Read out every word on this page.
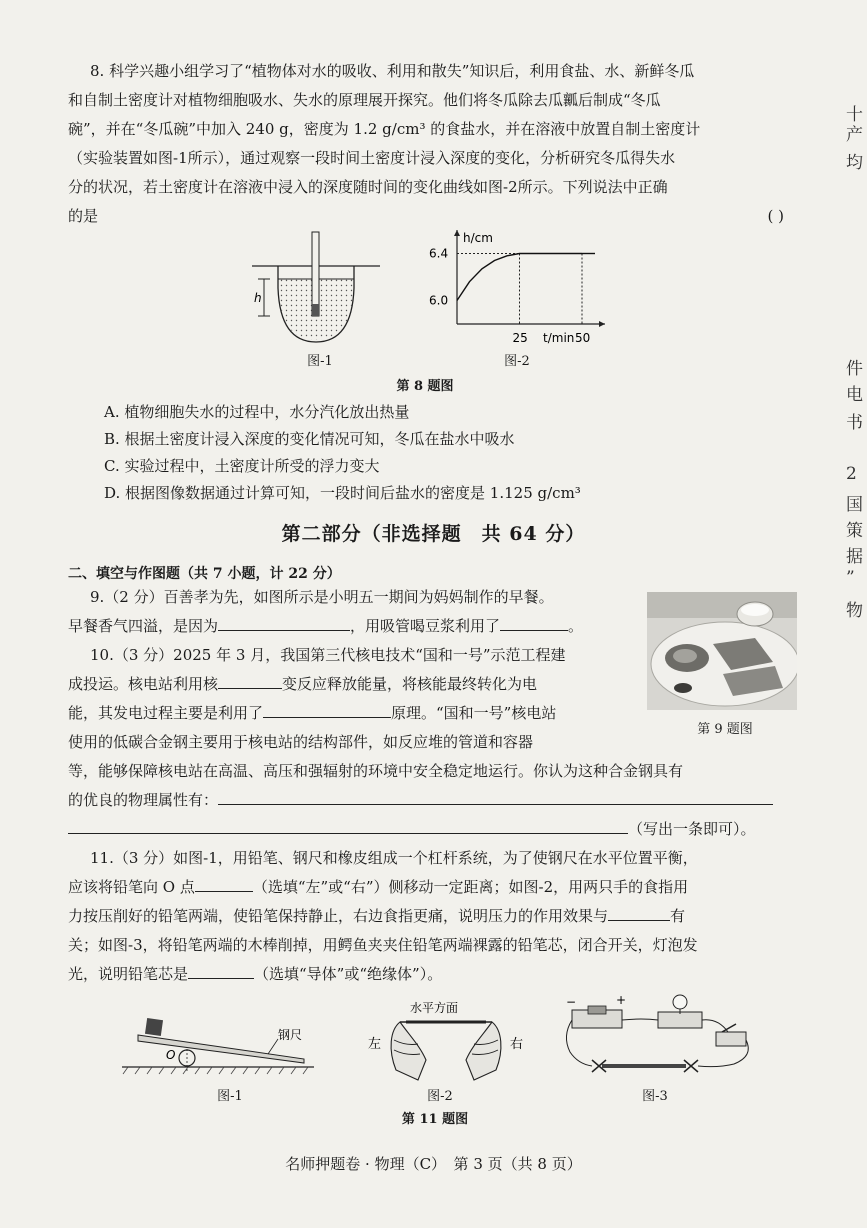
8. 科学兴趣小组学习了“植物体对水的吸收、利用和散失”知识后，利用食盐、水、新鲜冬瓜
和自制土密度计对植物细胞吸水、失水的原理展开探究。他们将冬瓜除去瓜瓤后制成“冬瓜
碗”，并在“冬瓜碗”中加入 240 g，密度为 1.2 g/cm³ 的食盐水，并在溶液中放置自制土密度计
（实验装置如图-1所示），通过观察一段时间土密度计浸入深度的变化，分析研究冬瓜得失水
分的状况，若土密度计在溶液中浸入的深度随时间的变化曲线如图-2所示。下列说法中正确
的是	( )
h
图-1
h/cm
t/min
6.0
6.4
25	50
图-2
第 8 题图
A. 植物细胞失水的过程中，水分汽化放出热量
B. 根据土密度计浸入深度的变化情况可知，冬瓜在盐水中吸水
C. 实验过程中，土密度计所受的浮力变大
D. 根据图像数据通过计算可知，一段时间后盐水的密度是 1.125 g/cm³
第二部分（非选择题　共 64 分）
二、填空与作图题（共 7 小题，计 22 分）
9.（2 分）百善孝为先，如图所示是小明五一期间为妈妈制作的早餐。
早餐香气四溢，是因为	，用吸管喝豆浆利用了	。
第 9 题图
10.（3 分）2025 年 3 月，我国第三代核电技术“国和一号”示范工程建
成投运。核电站利用核	变反应释放能量，将核能最终转化为电
能，其发电过程主要是利用了	原理。“国和一号”核电站
使用的低碳合金钢主要用于核电站的结构部件，如反应堆的管道和容器
等，能够保障核电站在高温、高压和强辐射的环境中安全稳定地运行。你认为这种合金钢具有
的优良的物理属性有：
（写出一条即可）。
11.（3 分）如图-1，用铅笔、钢尺和橡皮组成一个杠杆系统，为了使钢尺在水平位置平衡，
应该将铅笔向 O 点	（选填“左”或“右”）侧移动一定距离；如图-2，用两只手的食指用
力按压削好的铅笔两端，使铅笔保持静止，右边食指更痛，说明压力的作用效果与	有
关；如图-3，将铅笔两端的木棒削掉，用鳄鱼夹夹住铅笔两端裸露的铅笔芯，闭合开关，灯泡发
光，说明铅笔芯是	（选填“导体”或“绝缘体”）。
钢尺
O
图-1
水平方面
左	右
图-2
−	+
图-3
第 11 题图
名师押题卷 · 物理（C）　第 3 页（共 8 页）
十
产
均
件
电
书
2
国
策
据
”
物
